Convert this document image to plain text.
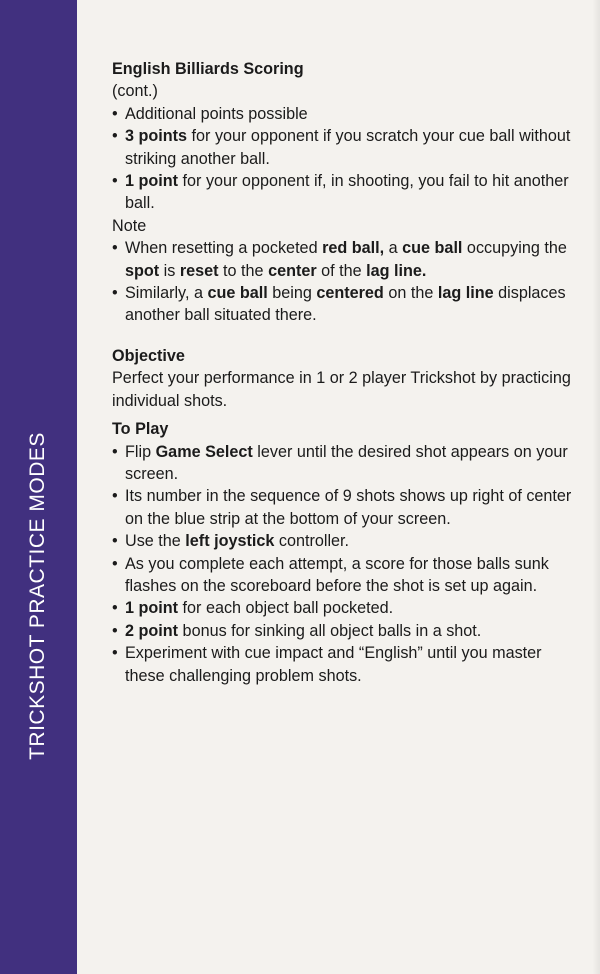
TRICKSHOT PRACTICE MODES

English Billiards Scoring

(cont.)

• Additional points possible

• 3 points for your opponent if you scratch your cue ball without striking another ball.

• 1 point for your opponent if, in shooting, you fail to hit another ball.

Note

• When resetting a pocketed red ball, a cue ball occupying the spot is reset to the center of the lag line.

• Similarly, a cue ball being centered on the lag line displaces another ball situated there.

Objective

Perfect your performance in 1 or 2 player Trickshot by practicing individual shots.

To Play

• Flip Game Select lever until the desired shot appears on your screen.

• Its number in the sequence of 9 shots shows up right of center on the blue strip at the bottom of your screen.

• Use the left joystick controller.

• As you complete each attempt, a score for those balls sunk flashes on the scoreboard before the shot is set up again.

• 1 point for each object ball pocketed.

• 2 point bonus for sinking all object balls in a shot.

• Experiment with cue impact and “English” until you master these challenging problem shots.
